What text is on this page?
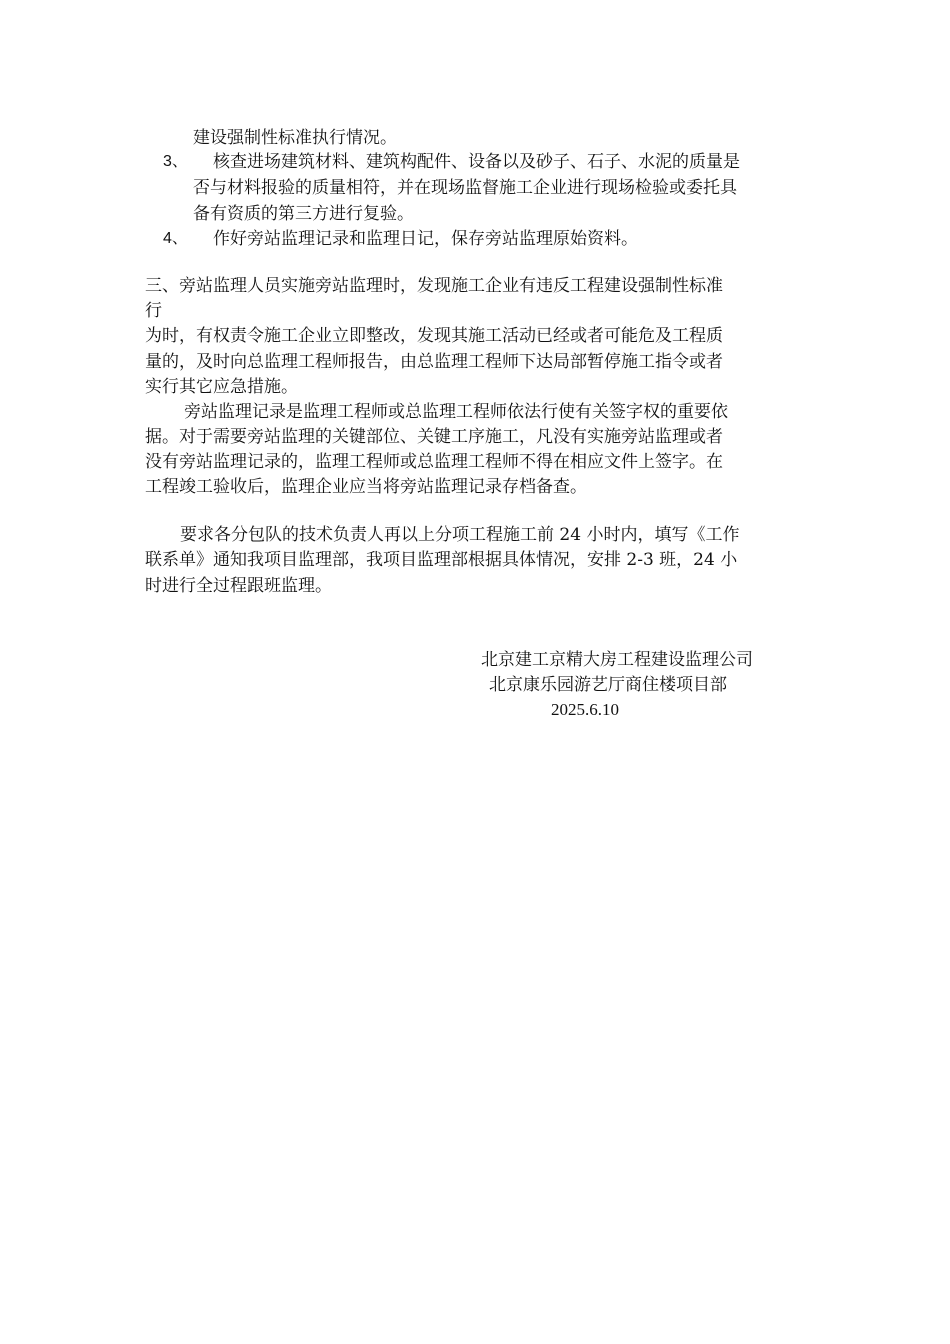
建设强制性标准执行情况。
3、 核查进场建筑材料、建筑构配件、设备以及砂子、石子、水泥的质量是
否与材料报验的质量相符，并在现场监督施工企业进行现场检验或委托具
备有资质的第三方进行复验。
4、 作好旁站监理记录和监理日记，保存旁站监理原始资料。
三、旁站监理人员实施旁站监理时，发现施工企业有违反工程建设强制性标准
行
为时，有权责令施工企业立即整改，发现其施工活动已经或者可能危及工程质
量的，及时向总监理工程师报告，由总监理工程师下达局部暂停施工指令或者
实行其它应急措施。
旁站监理记录是监理工程师或总监理工程师依法行使有关签字权的重要依
据。对于需要旁站监理的关键部位、关键工序施工，凡没有实施旁站监理或者
没有旁站监理记录的，监理工程师或总监理工程师不得在相应文件上签字。在
工程竣工验收后，监理企业应当将旁站监理记录存档备查。
要求各分包队的技术负责人再以上分项工程施工前 24 小时内，填写《工作
联系单》通知我项目监理部，我项目监理部根据具体情况，安排 2-3 班，24 小
时进行全过程跟班监理。
北京建工京精大房工程建设监理公司
北京康乐园游艺厅商住楼项目部
2025.6.10
